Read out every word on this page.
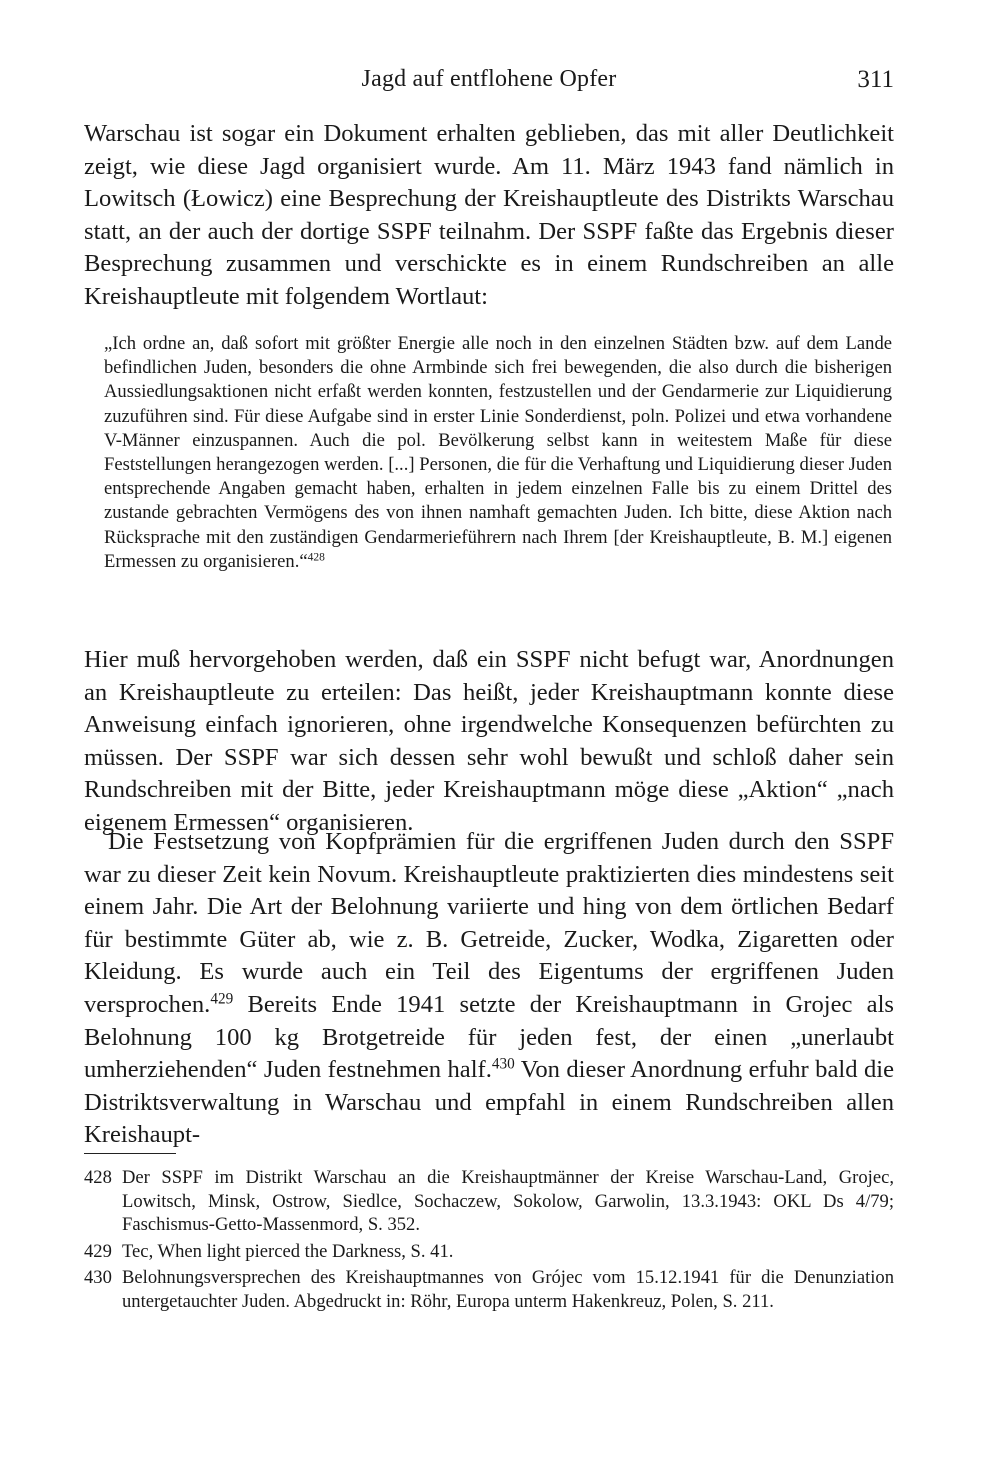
Jagd auf entflohene Opfer	311

Warschau ist sogar ein Dokument erhalten geblieben, das mit aller Deutlichkeit zeigt, wie diese Jagd organisiert wurde. Am 11. März 1943 fand nämlich in Lowitsch (Łowicz) eine Besprechung der Kreishauptleute des Distrikts Warschau statt, an der auch der dortige SSPF teilnahm. Der SSPF faßte das Ergebnis dieser Besprechung zusammen und verschickte es in einem Rundschreiben an alle Kreishauptleute mit folgendem Wortlaut:

„Ich ordne an, daß sofort mit größter Energie alle noch in den einzelnen Städten bzw. auf dem Lande befindlichen Juden, besonders die ohne Armbinde sich frei bewegenden, die also durch die bisherigen Aussiedlungsaktionen nicht erfaßt werden konnten, festzustellen und der Gendarmerie zur Liquidierung zuzuführen sind. Für diese Aufgabe sind in erster Linie Sonderdienst, poln. Polizei und etwa vorhandene V-Männer einzuspannen. Auch die pol. Bevölkerung selbst kann in weitestem Maße für diese Feststellungen herangezogen werden. [...] Personen, die für die Verhaftung und Liquidierung dieser Juden entsprechende Angaben gemacht haben, erhalten in jedem einzelnen Falle bis zu einem Drittel des zustande gebrachten Vermögens des von ihnen namhaft gemachten Juden. Ich bitte, diese Aktion nach Rücksprache mit den zuständigen Gendarmerieführern nach Ihrem [der Kreishauptleute, B. M.] eigenen Ermessen zu organisieren.“$^{428}$

Hier muß hervorgehoben werden, daß ein SSPF nicht befugt war, Anordnungen an Kreishauptleute zu erteilen: Das heißt, jeder Kreishauptmann konnte diese Anweisung einfach ignorieren, ohne irgendwelche Konsequenzen befürchten zu müssen. Der SSPF war sich dessen sehr wohl bewußt und schloß daher sein Rundschreiben mit der Bitte, jeder Kreishauptmann möge diese „Aktion“ „nach eigenem Ermessen“ organisieren.

Die Festsetzung von Kopfprämien für die ergriffenen Juden durch den SSPF war zu dieser Zeit kein Novum. Kreishauptleute praktizierten dies mindestens seit einem Jahr. Die Art der Belohnung variierte und hing von dem örtlichen Bedarf für bestimmte Güter ab, wie z. B. Getreide, Zucker, Wodka, Zigaretten oder Kleidung. Es wurde auch ein Teil des Eigentums der ergriffenen Juden versprochen.$^{429}$ Bereits Ende 1941 setzte der Kreishauptmann in Grojec als Belohnung 100 kg Brotgetreide für jeden fest, der einen „unerlaubt umherziehenden“ Juden festnehmen half.$^{430}$ Von dieser Anordnung erfuhr bald die Distriktsverwaltung in Warschau und empfahl in einem Rundschreiben allen Kreishaupt-

428 Der SSPF im Distrikt Warschau an die Kreishauptmänner der Kreise Warschau-Land, Grojec, Lowitsch, Minsk, Ostrow, Siedlce, Sochaczew, Sokolow, Garwolin, 13.3.1943: OKL Ds 4/79; Faschismus-Getto-Massenmord, S. 352.

429 Tec, When light pierced the Darkness, S. 41.

430 Belohnungsversprechen des Kreishauptmannes von Grójec vom 15.12.1941 für die Denunziation untergetauchter Juden. Abgedruckt in: Röhr, Europa unterm Hakenkreuz, Polen, S. 211.
